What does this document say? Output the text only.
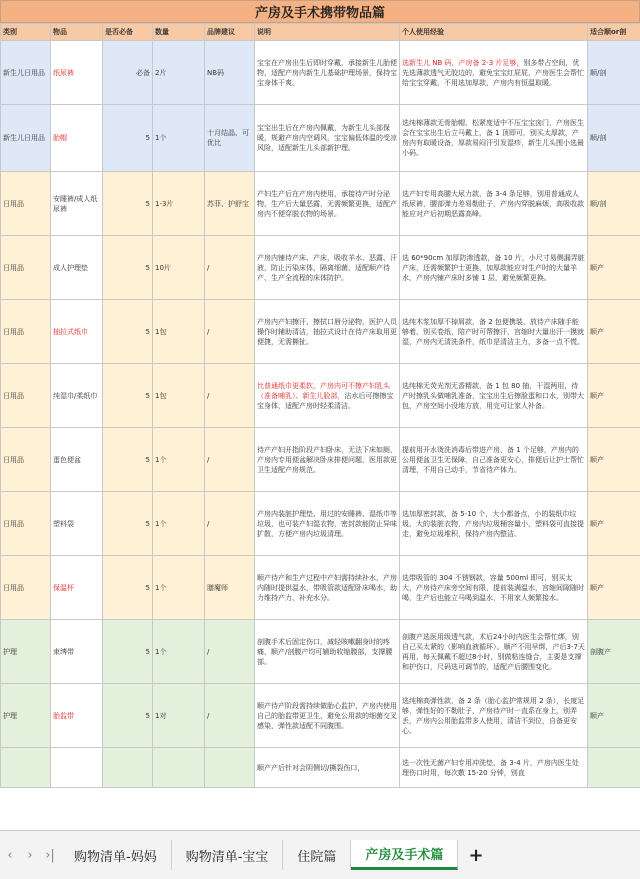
产房及手术携带物品篇
类别	物品	是否必备	数量	品牌建议	说明	个人使用经验	适合顺or剖
新生儿日用品	纸尿裤	必备	2片	NB码	宝宝在产房出生后即时穿戴，承接新生儿胎便物，适配产房内新生儿基础护理场景，保持宝宝身体干爽。	选新生儿 NB 码，产房备 2-3 片足够，别多带占空间，优先选薄款透气无胶边的，避免宝宝红屁屁，产房医生会帮忙给宝宝穿戴，不用选加厚款，产房内有恒温取暖。	顺/剖
新生儿日用品	胎帽	5	1个	十月结晶、可优比	宝宝出生后在产房内佩戴，为新生儿头部保暖，规避产房内空调风，宝宝偏低体温的受凉风险，适配新生儿头部新护理。	选纯棉薄款无骨胎帽，松紧度适中不压宝宝囟门，产房医生会在宝宝出生后立马戴上，备 1 顶即可，别买太厚款，产房内有取暖设备，厚款易闷汗引发湿疹，新生儿头围小选最小码。	顺/剖
日用品	安睡裤/成人纸尿裤	5	1-3片	苏菲、护舒宝	产妇生产后在产房内使用，承接待产时分泌物、生产后大量恶露，无需频繁更换，适配产房内不便穿脱衣物的场景。	选产妇专用高腰大尿力款，备 3-4 条足够，别用普通成人纸尿裤，腰部弹力差易勒肚子，产房内穿脱麻烦，高吸收款能应对产后初期恶露高峰。	顺/剖
日用品	成人护理垫	5	10片	/	产房内铺待产床、产床，吸收羊水、恶露、汗液，防止污染床体，隔离细菌，适配顺产待产、生产全流程的床体防护。	选 60*90cm 加厚防渗透款，备 10 片，小尺寸易侧漏弄脏产床，还需频繁护士更换，加厚款能应对生产时的大量羊水，产房内铺产床时多铺 1 层，避免频繁更换。	顺产
日用品	抽拉式纸巾	5	1包	/	产房内产妇擦汗、擦拭口唇分泌物，医护人员操作时辅助清洁，抽拉式设计在待产床取用更便捷，无需撕扯。	选纯木浆加厚不掉屑款，备 2 包便携装，放待产床随手能够着，别买卷纸，陪产时可帮擦汗，宫缩时大量出汗一摸就湿，产房内无清洗条件，纸巾是清洁主力，多备一点不慌。	顺产
日用品	纯湿巾/柔纸巾	5	1包	/	比普通纸巾更柔软，产房内可不擦产妇乳头（准备哺乳）、新生儿脸部，沾水后可擦擦宝宝身体，适配产房时轻柔清洁。	选纯棉无荧光剂无香精款，备 1 包 80 抽，干湿两用，待产时擦乳头做哺乳准备，宝宝出生后擦脸蛋和口水，别带大包，产房空间小没地方放，用完可让家人补备。	顺产
日用品	蛋色便盆	5	1个	/	待产产妇开指阶段产妇卧床，无法下床如厕，产房内专用便盆解决卧床排便问题，医用款更卫生适配产房规范。	提前用开水烫洗消毒后带进产房，备 1 个足够，产房内的公用便盆卫生无保障，自己准备更安心，排便后让护士帮忙清理，不用自己动手，节省待产体力。	顺产
日用品	塑料袋	5	1个	/	产房内装脏护理垫、用过的安睡裤、湿纸巾等垃圾，也可装产妇湿衣物，密封款能防止异味扩散，方便产房内垃圾清理。	选加厚密封款，备 5-10 个，大小都备点，小的装纸巾垃圾，大的装脏衣物，产房内垃圾桶容量小，塑料袋可直接提走，避免垃圾堆积，保持产房内整洁。	顺产
日用品	保温杯	5	1个	膳魔师	顺产待产和生产过程中产妇需持续补水，产房内随时提供温水，带吸管款适配卧床喝水，助力维持产力、补充水分。	选带吸管的 304 不锈钢款，容量 500ml 即可，别买太大，产房待产床旁空间有限，提前装满温水，宫缩间隙随时喝，生产后也能立马喝到温水，不用家人频繁接水。	顺产
护理	束缚带	5	1个	/	剖腹手术后固定伤口，减轻咳嗽翻身时的疼痛，顺产/剖腹产均可辅助收缩腹部，支撑腰部。	剖腹产选医用级透气款，术后24小时内医生会帮忙绑，别自己买太紧的（影响血液循环）。顺产不用早绑，产后3-7天再用，每天佩戴不超过8小时，别做粘连缝合，主要是支撑和护伤口，尺码选可调节的，适配产后腰围变化。	剖腹产
护理	胎监带	5	1对	/	顺产待产阶段需持续做胎心监护，产房内使用自己的胎监带更卫生，避免公用款的细菌交叉感染，弹性款适配不同腹围。	选纯棉高弹性款，备 2 条（胎心监护常规用 2 条），长度足够，弹性好的不勒肚子，产房待产时一直系在身上，别弄丢，产房内公用胎监带多人使用，清洁不到位，自备更安心。	顺产
					顺产产后针对会阴侧切/撕裂伤口，	选一次性无菌产妇专用冲洗垫，备 3-4 片，产房内医生处理伤口时用，每次敷 15-20 分钟，别直	
‹	› ›|	购物清单-妈妈	购物清单-宝宝	住院篇	产房及手术篇	+
